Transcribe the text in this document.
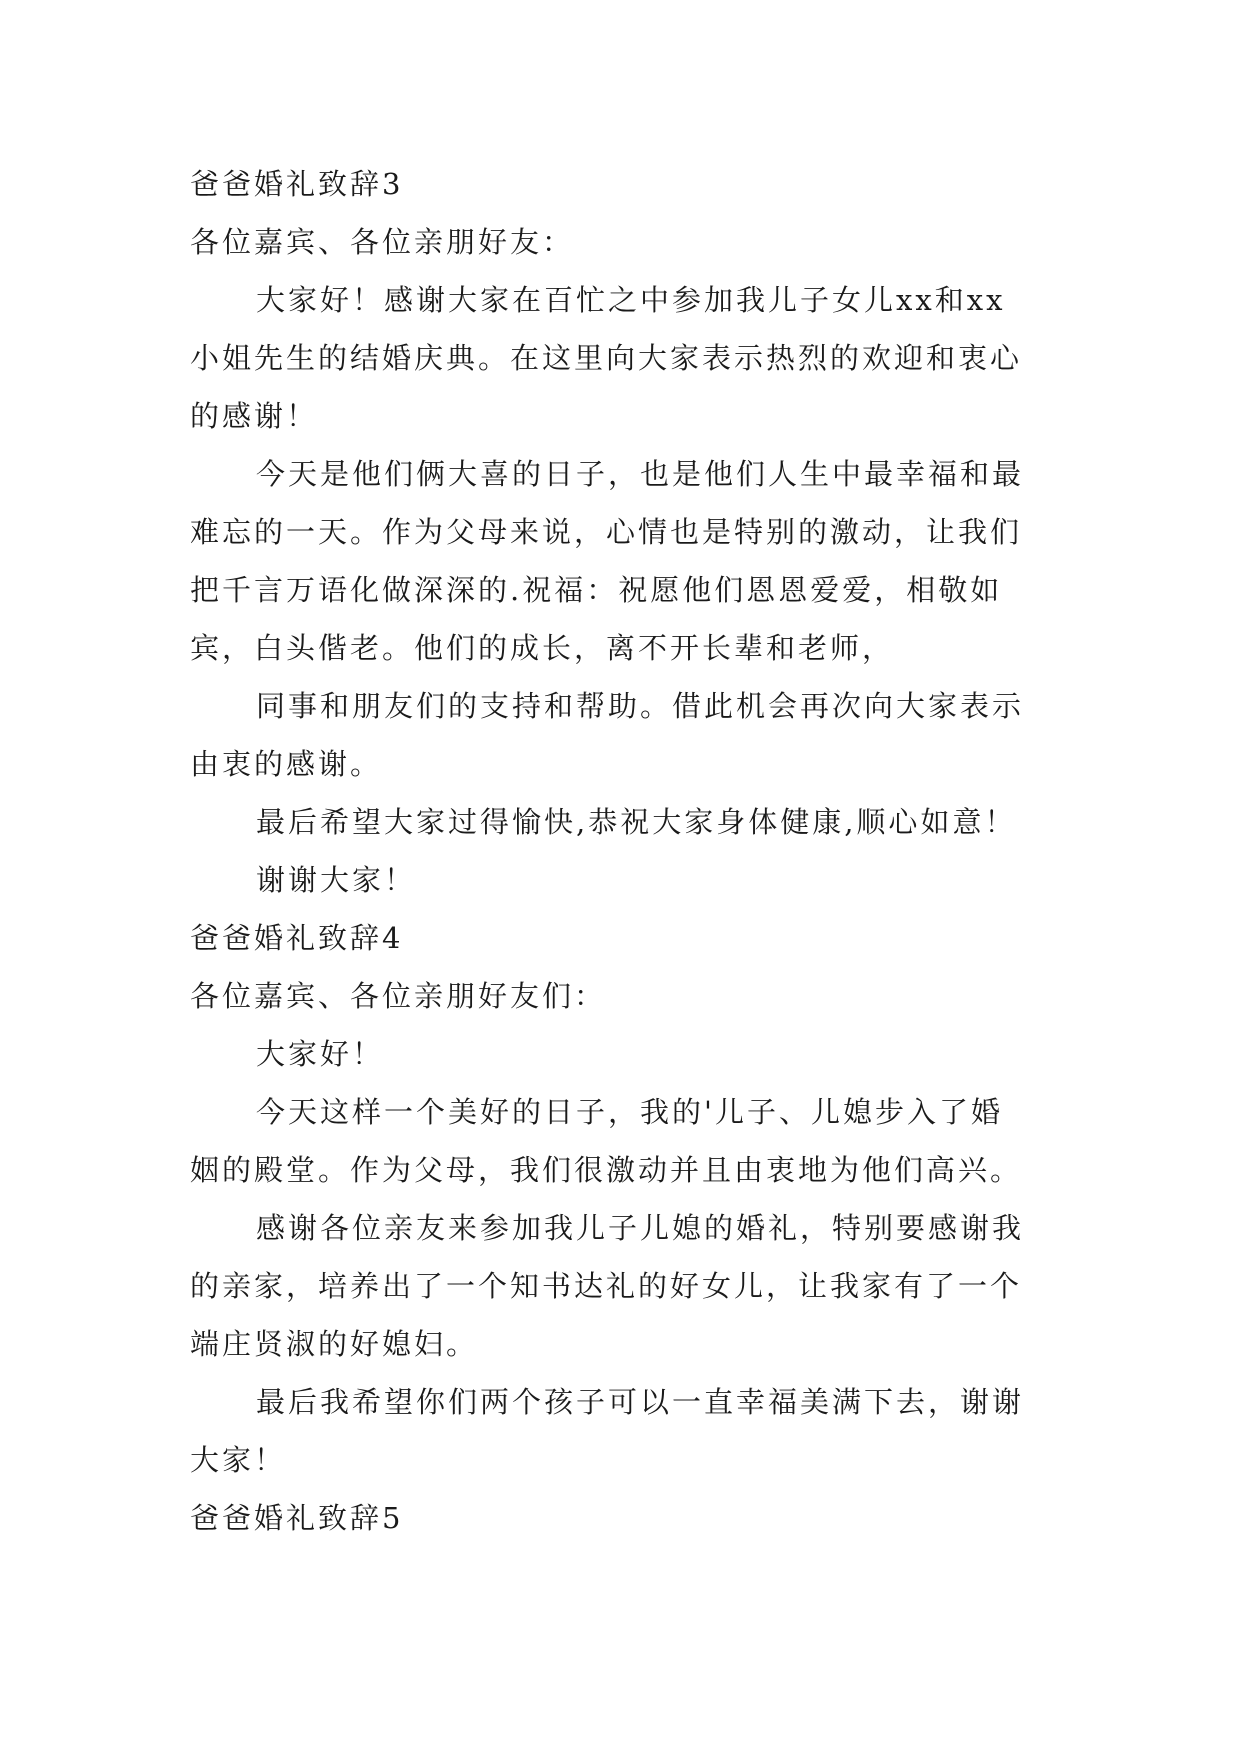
爸爸婚礼致辞3
各位嘉宾、各位亲朋好友：
大家好！感谢大家在百忙之中参加我儿子女儿xx和xx
小姐先生的结婚庆典。在这里向大家表示热烈的欢迎和衷心
的感谢！
今天是他们俩大喜的日子，也是他们人生中最幸福和最
难忘的一天。作为父母来说，心情也是特别的激动，让我们
把千言万语化做深深的.祝福：祝愿他们恩恩爱爱，相敬如
宾，白头偕老。他们的成长，离不开长辈和老师，
同事和朋友们的支持和帮助。借此机会再次向大家表示
由衷的感谢。
最后希望大家过得愉快,恭祝大家身体健康,顺心如意！
谢谢大家！
爸爸婚礼致辞4
各位嘉宾、各位亲朋好友们：
大家好！
今天这样一个美好的日子，我的'儿子、儿媳步入了婚
姻的殿堂。作为父母，我们很激动并且由衷地为他们高兴。
感谢各位亲友来参加我儿子儿媳的婚礼，特别要感谢我
的亲家，培养出了一个知书达礼的好女儿，让我家有了一个
端庄贤淑的好媳妇。
最后我希望你们两个孩子可以一直幸福美满下去，谢谢
大家！
爸爸婚礼致辞5
